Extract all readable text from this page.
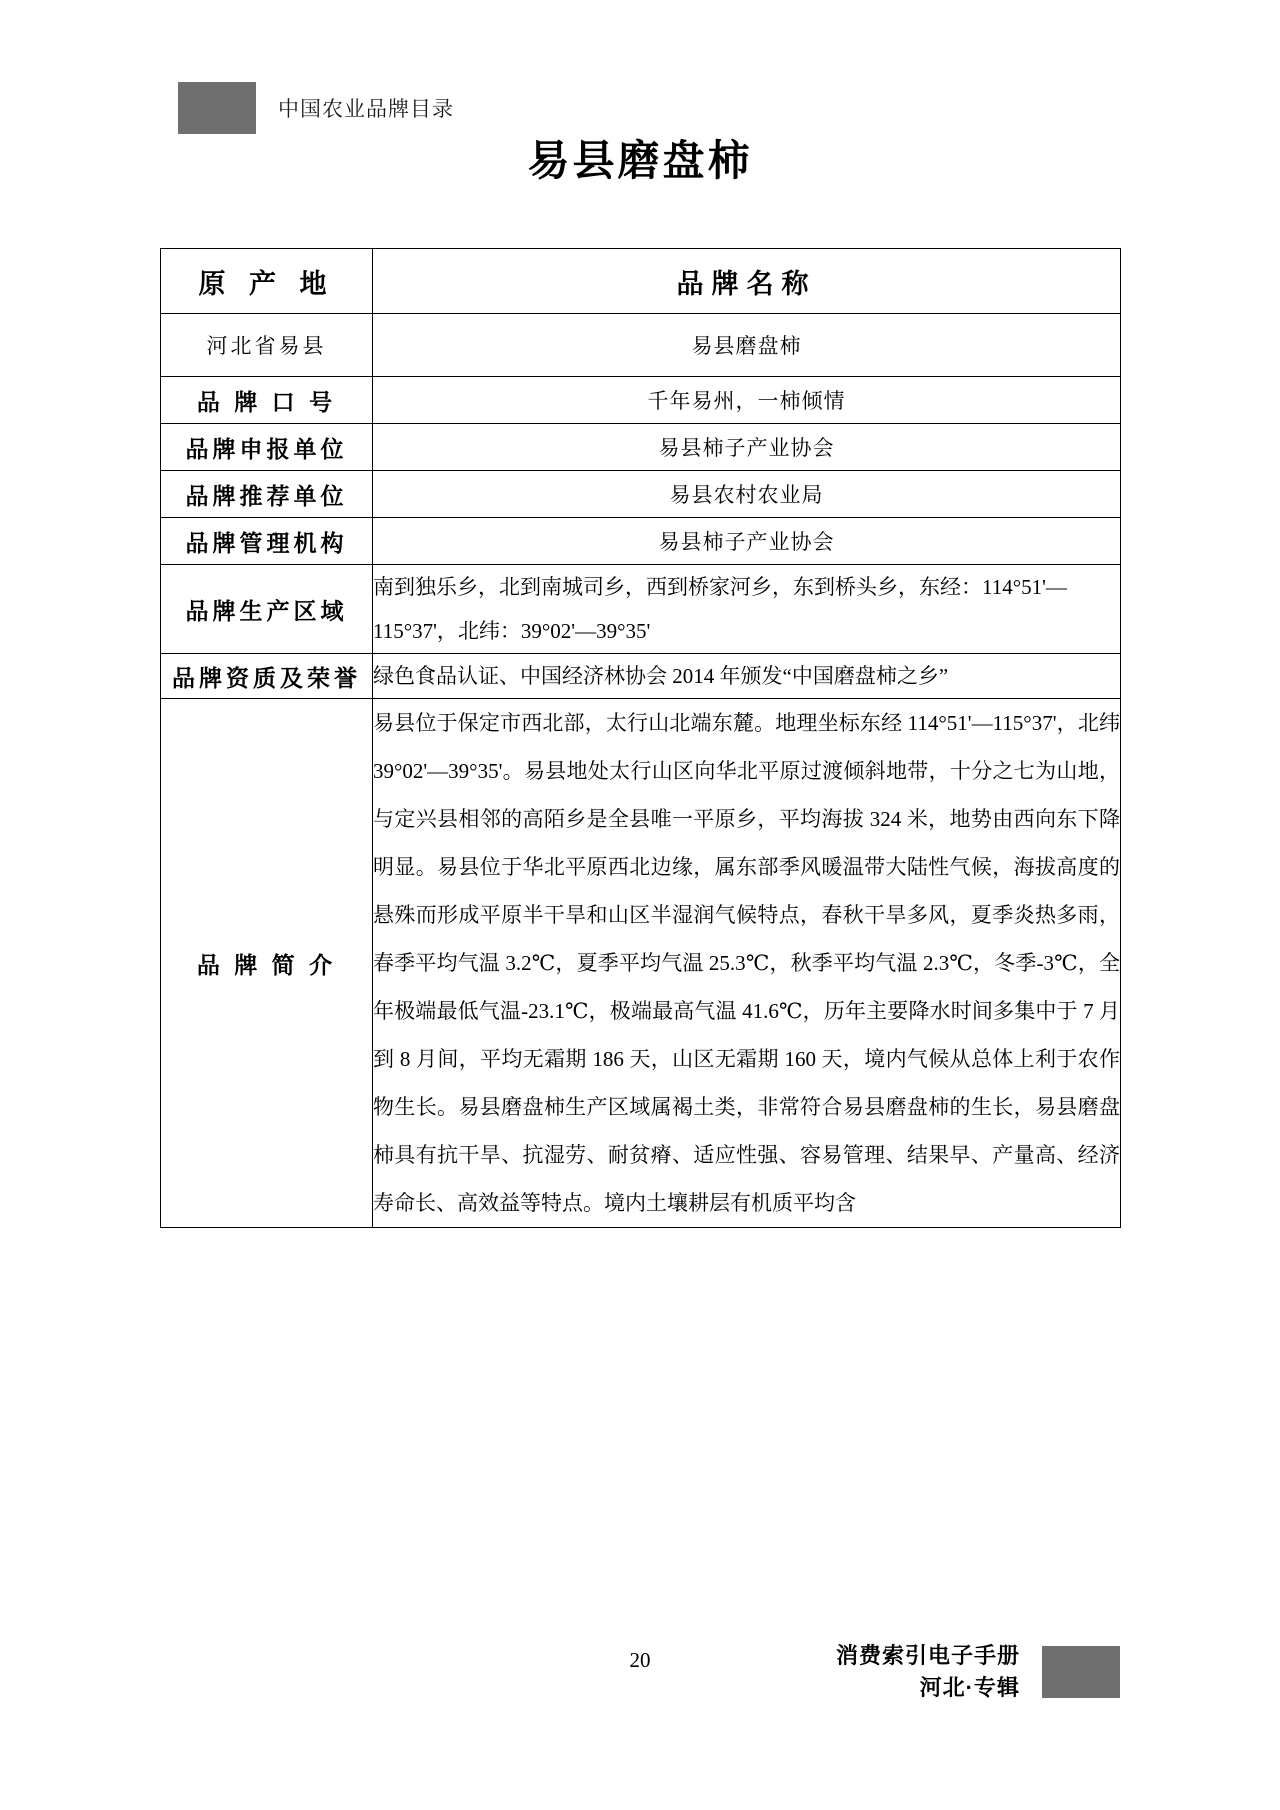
中国农业品牌目录
易县磨盘柿
原 产 地	品牌名称
河北省易县	易县磨盘柿
品 牌 口 号	千年易州，一柿倾情
品牌申报单位	易县柿子产业协会
品牌推荐单位	易县农村农业局
品牌管理机构	易县柿子产业协会
品牌生产区域	南到独乐乡，北到南城司乡，西到桥家河乡，东到桥头乡，东经：114°51'—115°37'，北纬：39°02'—39°35'
品牌资质及荣誉	绿色食品认证、中国经济林协会 2014 年颁发“中国磨盘柿之乡”
品 牌 简 介	易县位于保定市西北部，太行山北端东麓。地理坐标东经 114°51'—115°37'，北纬 39°02'—39°35'。易县地处太行山区向华北平原过渡倾斜地带，十分之七为山地，与定兴县相邻的高陌乡是全县唯一平原乡，平均海拔 324 米，地势由西向东下降明显。易县位于华北平原西北边缘，属东部季风暖温带大陆性气候，海拔高度的悬殊而形成平原半干旱和山区半湿润气候特点，春秋干旱多风，夏季炎热多雨，春季平均气温 3.2℃，夏季平均气温 25.3℃，秋季平均气温 2.3℃，冬季-3℃，全年极端最低气温-23.1℃，极端最高气温 41.6℃，历年主要降水时间多集中于 7 月到 8 月间，平均无霜期 186 天，山区无霜期 160 天，境内气候从总体上利于农作物生长。易县磨盘柿生产区域属褐土类，非常符合易县磨盘柿的生长，易县磨盘柿具有抗干旱、抗湿劳、耐贫瘠、适应性强、容易管理、结果早、产量高、经济寿命长、高效益等特点。境内土壤耕层有机质平均含
20	消费索引电子手册
河北·专辑
